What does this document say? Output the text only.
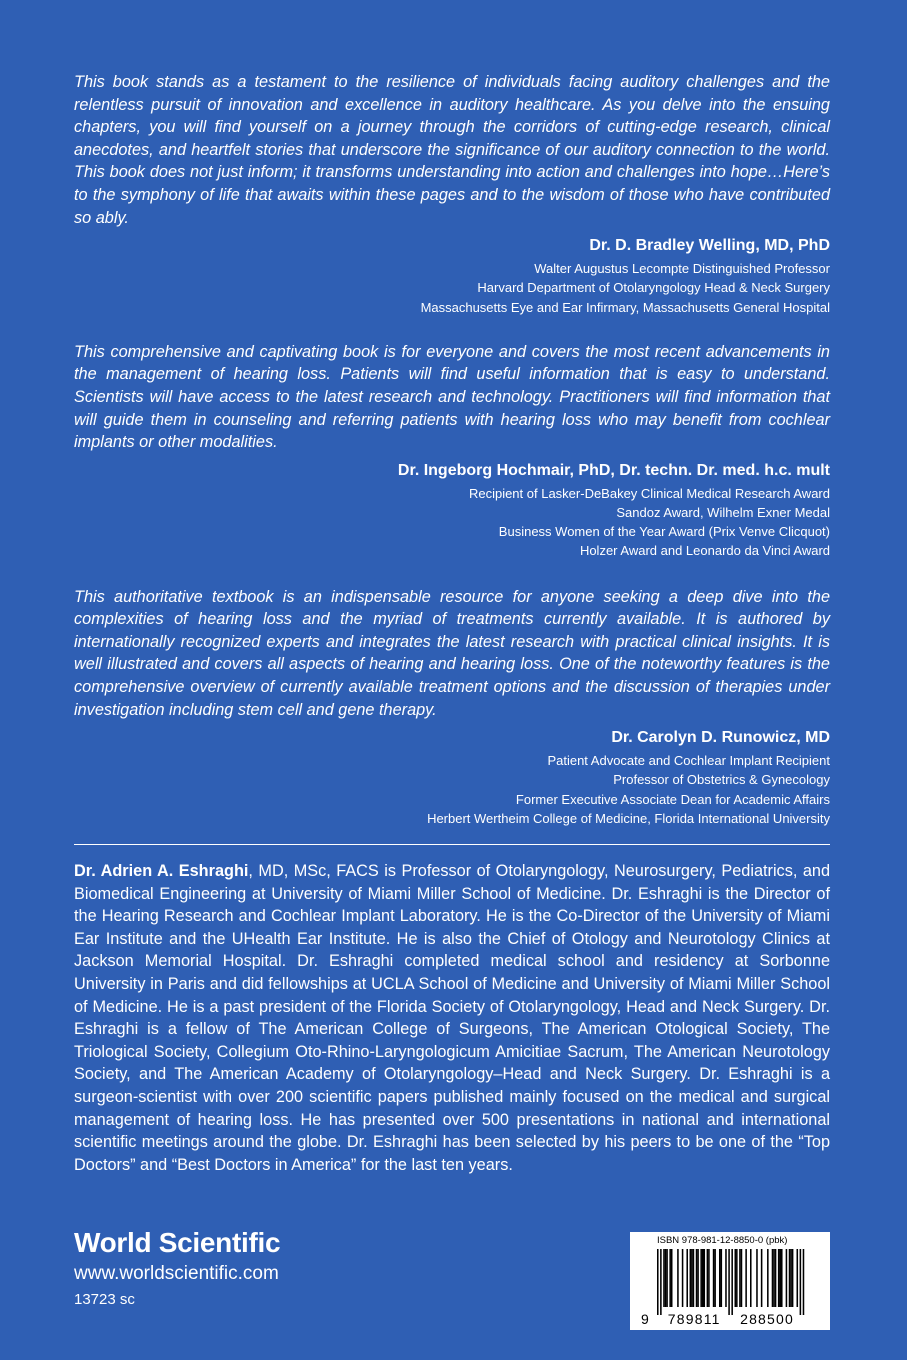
This book stands as a testament to the resilience of individuals facing auditory challenges and the relentless pursuit of innovation and excellence in auditory healthcare. As you delve into the ensuing chapters, you will find yourself on a journey through the corridors of cutting-edge research, clinical anecdotes, and heartfelt stories that underscore the significance of our auditory connection to the world. This book does not just inform; it transforms understanding into action and challenges into hope…Here’s to the symphony of life that awaits within these pages and to the wisdom of those who have contributed so ably.

Dr. D. Bradley Welling, MD, PhD
Walter Augustus Lecompte Distinguished Professor
Harvard Department of Otolaryngology Head & Neck Surgery
Massachusetts Eye and Ear Infirmary, Massachusetts General Hospital

This comprehensive and captivating book is for everyone and covers the most recent advancements in the management of hearing loss. Patients will find useful information that is easy to understand. Scientists will have access to the latest research and technology. Practitioners will find information that will guide them in counseling and referring patients with hearing loss who may benefit from cochlear implants or other modalities.

Dr. Ingeborg Hochmair, PhD, Dr. techn. Dr. med. h.c. mult
Recipient of Lasker-DeBakey Clinical Medical Research Award
Sandoz Award, Wilhelm Exner Medal
Business Women of the Year Award (Prix Venve Clicquot)
Holzer Award and Leonardo da Vinci Award

This authoritative textbook is an indispensable resource for anyone seeking a deep dive into the complexities of hearing loss and the myriad of treatments currently available. It is authored by internationally recognized experts and integrates the latest research with practical clinical insights. It is well illustrated and covers all aspects of hearing and hearing loss. One of the noteworthy features is the comprehensive overview of currently available treatment options and the discussion of therapies under investigation including stem cell and gene therapy.

Dr. Carolyn D. Runowicz, MD
Patient Advocate and Cochlear Implant Recipient
Professor of Obstetrics & Gynecology
Former Executive Associate Dean for Academic Affairs
Herbert Wertheim College of Medicine, Florida International University

Dr. Adrien A. Eshraghi, MD, MSc, FACS is Professor of Otolaryngology, Neurosurgery, Pediatrics, and Biomedical Engineering at University of Miami Miller School of Medicine. Dr. Eshraghi is the Director of the Hearing Research and Cochlear Implant Laboratory. He is the Co-Director of the University of Miami Ear Institute and the UHealth Ear Institute. He is also the Chief of Otology and Neurotology Clinics at Jackson Memorial Hospital. Dr. Eshraghi completed medical school and residency at Sorbonne University in Paris and did fellowships at UCLA School of Medicine and University of Miami Miller School of Medicine. He is a past president of the Florida Society of Otolaryngology, Head and Neck Surgery. Dr. Eshraghi is a fellow of The American College of Surgeons, The American Otological Society, The Triological Society, Collegium Oto-Rhino-Laryngologicum Amicitiae Sacrum, The American Neurotology Society, and The American Academy of Otolaryngology–Head and Neck Surgery. Dr. Eshraghi is a surgeon-scientist with over 200 scientific papers published mainly focused on the medical and surgical management of hearing loss. He has presented over 500 presentations in national and international scientific meetings around the globe. Dr. Eshraghi has been selected by his peers to be one of the “Top Doctors” and “Best Doctors in America” for the last ten years.

World Scientific
www.worldscientific.com
13723 sc
ISBN 978-981-12-8850-0 (pbk)
9 789811 288500
